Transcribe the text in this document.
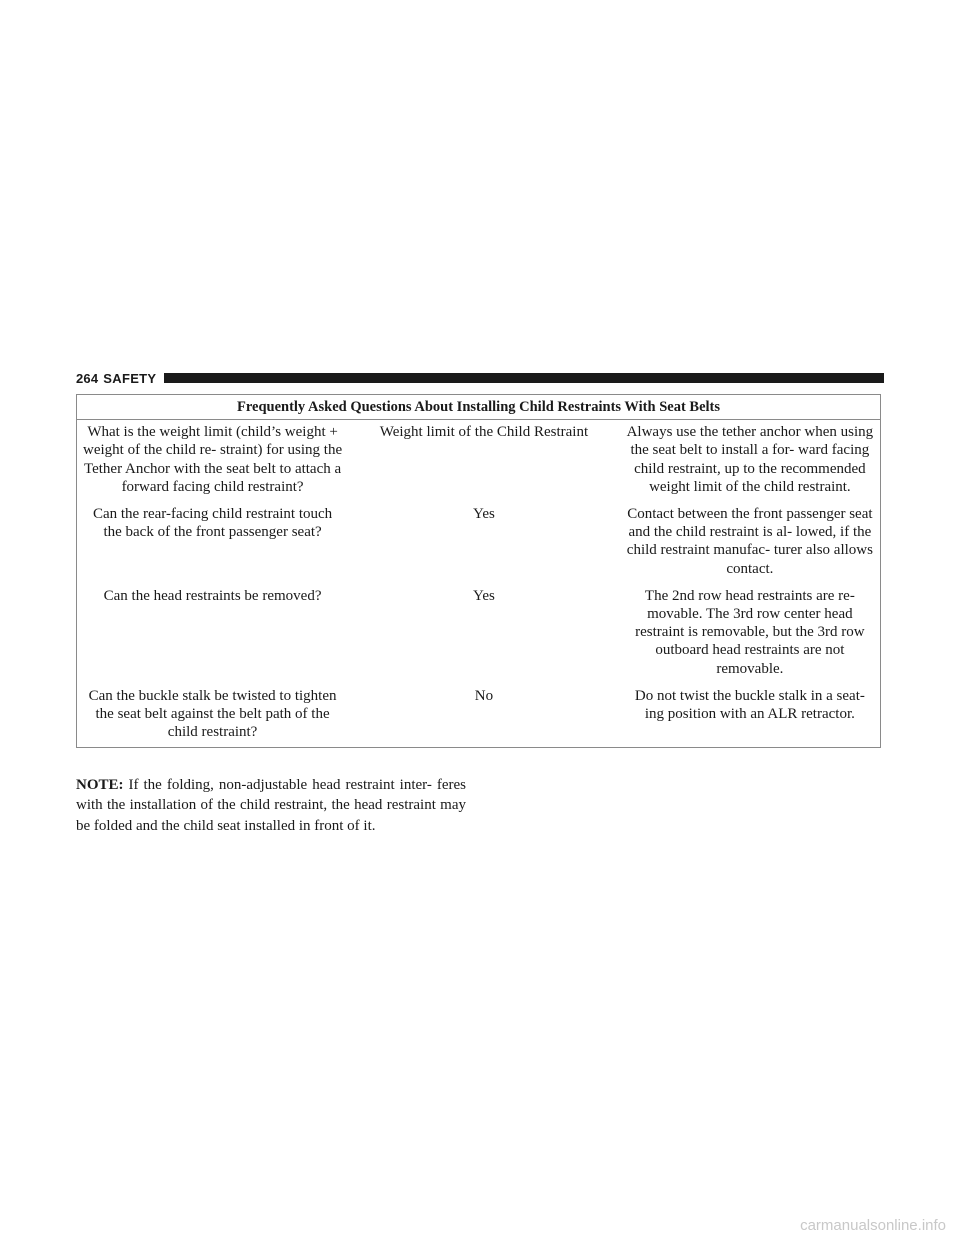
264 SAFETY
Frequently Asked Questions About Installing Child Restraints With Seat Belts		
What is the weight limit (child’s weight + weight of the child re- straint) for using the Tether Anchor with the seat belt to attach a forward facing child restraint?	Weight limit of the Child Restraint	Always use the tether anchor when using the seat belt to install a for- ward facing child restraint, up to the recommended weight limit of the child restraint.
Can the rear-facing child restraint touch the back of the front passenger seat?	Yes	Contact between the front passenger seat and the child restraint is al- lowed, if the child restraint manufac- turer also allows contact.
Can the head restraints be removed?	Yes	The 2nd row head restraints are re- movable. The 3rd row center head restraint is removable, but the 3rd row outboard head restraints are not removable.
Can the buckle stalk be twisted to tighten the seat belt against the belt path of the child restraint?	No	Do not twist the buckle stalk in a seat- ing position with an ALR retractor.

NOTE: If the folding, non-adjustable head restraint inter- feres with the installation of the child restraint, the head restraint may be folded and the child seat installed in front of it.

carmanualsonline.info
